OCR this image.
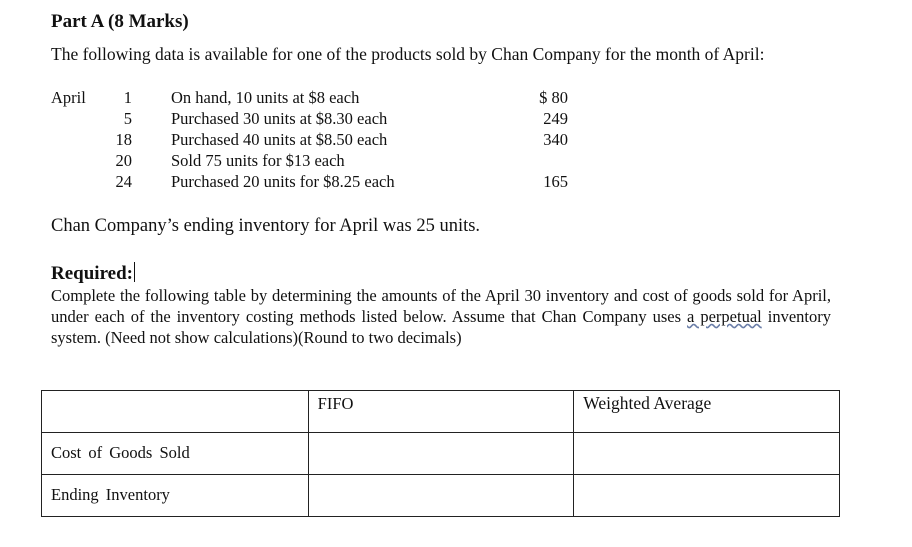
Part A (8 Marks)
The following data is available for one of the products sold by Chan Company for the month of April:
April	1 On hand, 10 units at $8 each	$ 80
5 Purchased 30 units at $8.30 each	249
18 Purchased 40 units at $8.50 each	340
20 Sold 75 units for $13 each
24 Purchased 20 units for $8.25 each	165
Chan Company’s ending inventory for April was 25 units.
Required:
Complete the following table by determining the amounts of the April 30 inventory and cost of goods sold for April, under each of the inventory costing methods listed below. Assume that Chan Company uses a perpetual inventory system. (Need not show calculations)(Round to two decimals)
	FIFO	Weighted Average
Cost of Goods Sold		
Ending Inventory		
